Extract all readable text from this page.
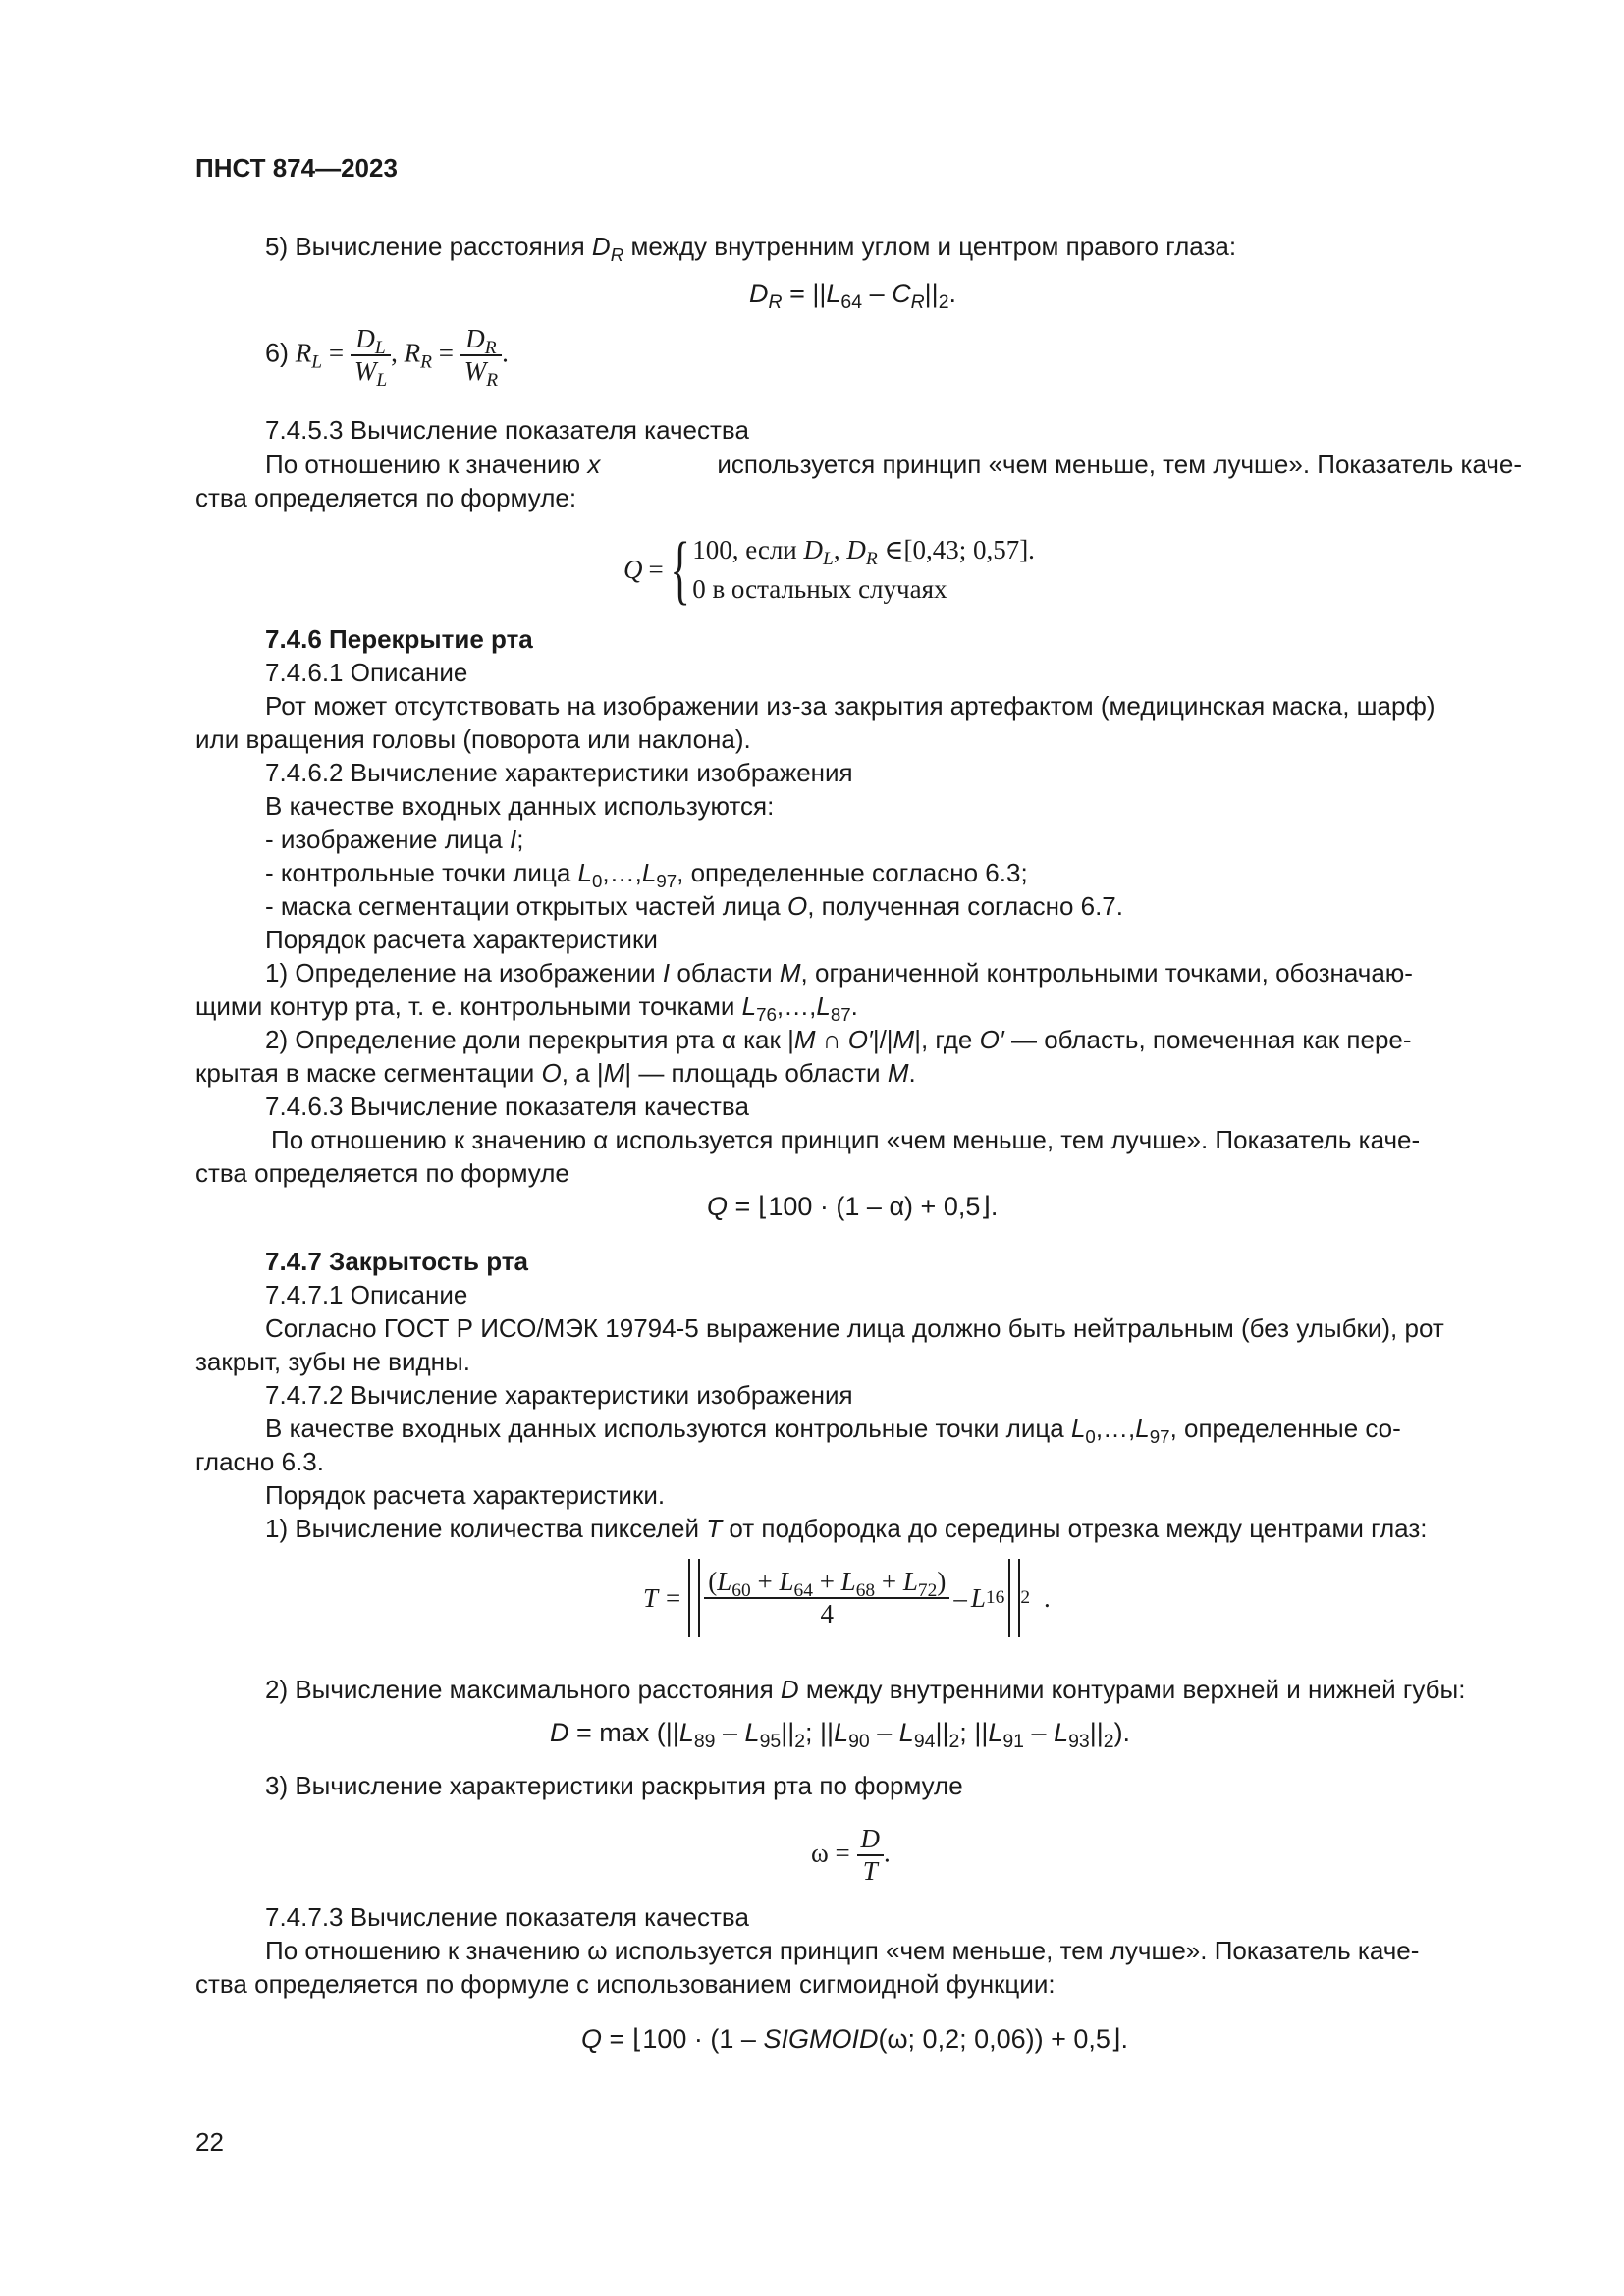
ПНСТ 874—2023
5) Вычисление расстояния $D_R$ между внутренним углом и центром правого глаза:
$D_R = ||L_{64} - C_R||_2$.
6) $R_L = \frac{D_L}{W_L}$ , $R_R = \frac{D_R}{W_R}$ .
7.4.5.3 Вычисление показателя качества
По отношению к значению x	используется принцип «чем меньше, тем лучше». Показатель каче-
ства определяется по формуле:
Q = { 100, если $D_L$, $D_R$ ∈[0,43; 0,57].
0 в остальных случаях
7.4.6 Перекрытие рта
7.4.6.1 Описание
Рот может отсутствовать на изображении из-за закрытия артефактом (медицинская маска, шарф)
или вращения головы (поворота или наклона).
7.4.6.2 Вычисление характеристики изображения
В качестве входных данных используются:
- изображение лица I;
- контрольные точки лица $L_0,\dots,L_{97}$, определенные согласно 6.3;
- маска сегментации открытых частей лица O, полученная согласно 6.7.
Порядок расчета характеристики
1) Определение на изображении I области M, ограниченной контрольными точками, обозначаю-
щими контур рта, т. е. контрольными точками $L_{76},\dots,L_{87}$.
2) Определение доли перекрытия рта α как |M ∩ O′|/|M|, где O′ — область, помеченная как пере-
крытая в маске сегментации O, а |M| — площадь области M.
7.4.6.3 Вычисление показателя качества
По отношению к значению α используется принцип «чем меньше, тем лучше». Показатель каче-
ства определяется по формуле
Q = ⌊100 · (1 – α) + 0,5⌋.
7.4.7 Закрытость рта
7.4.7.1 Описание
Согласно ГОСТ Р ИСО/МЭК 19794-5 выражение лица должно быть нейтральным (без улыбки), рот
закрыт, зубы не видны.
7.4.7.2 Вычисление характеристики изображения
В качестве входных данных используются контрольные точки лица $L_0,\dots,L_{97}$, определенные со-
гласно 6.3.
Порядок расчета характеристики.
1) Вычисление количества пикселей T от подбородка до середины отрезка между центрами глаз:
$T = \frac{(L_{60} + L_{64} + L_{68} + L_{72})}{4} - L$ 16 2 .
2) Вычисление максимального расстояния D между внутренними контурами верхней и нижней губы:
$D = \max (||L_{89} - L_{95}||_2$; $||L_{90} - L_{94}||_2$; $||L_{91} - L_{93}||_2$).
3) Вычисление характеристики раскрытия рта по формуле
$\omega = \frac{D}{T}$ .
7.4.7.3 Вычисление показателя качества
По отношению к значению ω используется принцип «чем меньше, тем лучше». Показатель каче-
ства определяется по формуле с использованием сигмоидной функции:
Q = ⌊100 · (1 – SIGMOID(ω; 0,2; 0,06)) + 0,5⌋.
22
